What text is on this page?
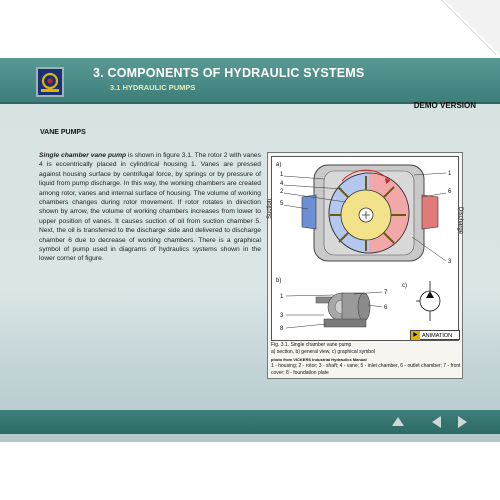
3. COMPONENTS OF HYDRAULIC SYSTEMS
3.1 HYDRAULIC PUMPS
DEMO VERSION
VANE PUMPS
Single chamber vane pump is shown in figure 3.1. The rotor 2 with vanes 4 is eccentrically placed in cylindrical housing 1. Vanes are pressed against housing surface by centrifugal force, by springs or by pressure of liquid from pump discharge. In this way, the working chambers are created among rotor, vanes and internal surface of housing. The volume of working chambers changes during rotor movement. If rotor rotates in direction shown by arrow, the volume of working chambers increases from lower to upper position of vanes. It causes suction of oil from suction chamber 5. Next, the oil is transferred to the discharge side and delivered to discharge chamber 6 due to decrease of working chambers. There is a graphical symbol of pump used in diagrams of hydraulics systems shown in the lower corner of figure.
a)
Suction	Discharge
1
4
2
5
6
3
1
b)
1
7
6
3
8
c)
Fig. 3.1. Single chamber vane pump
a) section, b) general view, c) graphical symbol
photo from VICKERS Industrial Hydraulics Manual
1 - housing; 2 - rotor; 3 - shaft; 4 - vane; 5 - inlet chamber, 6 - outlet chamber; 7 - front cover; 8 - foundation plate
▶ ANIMATION
